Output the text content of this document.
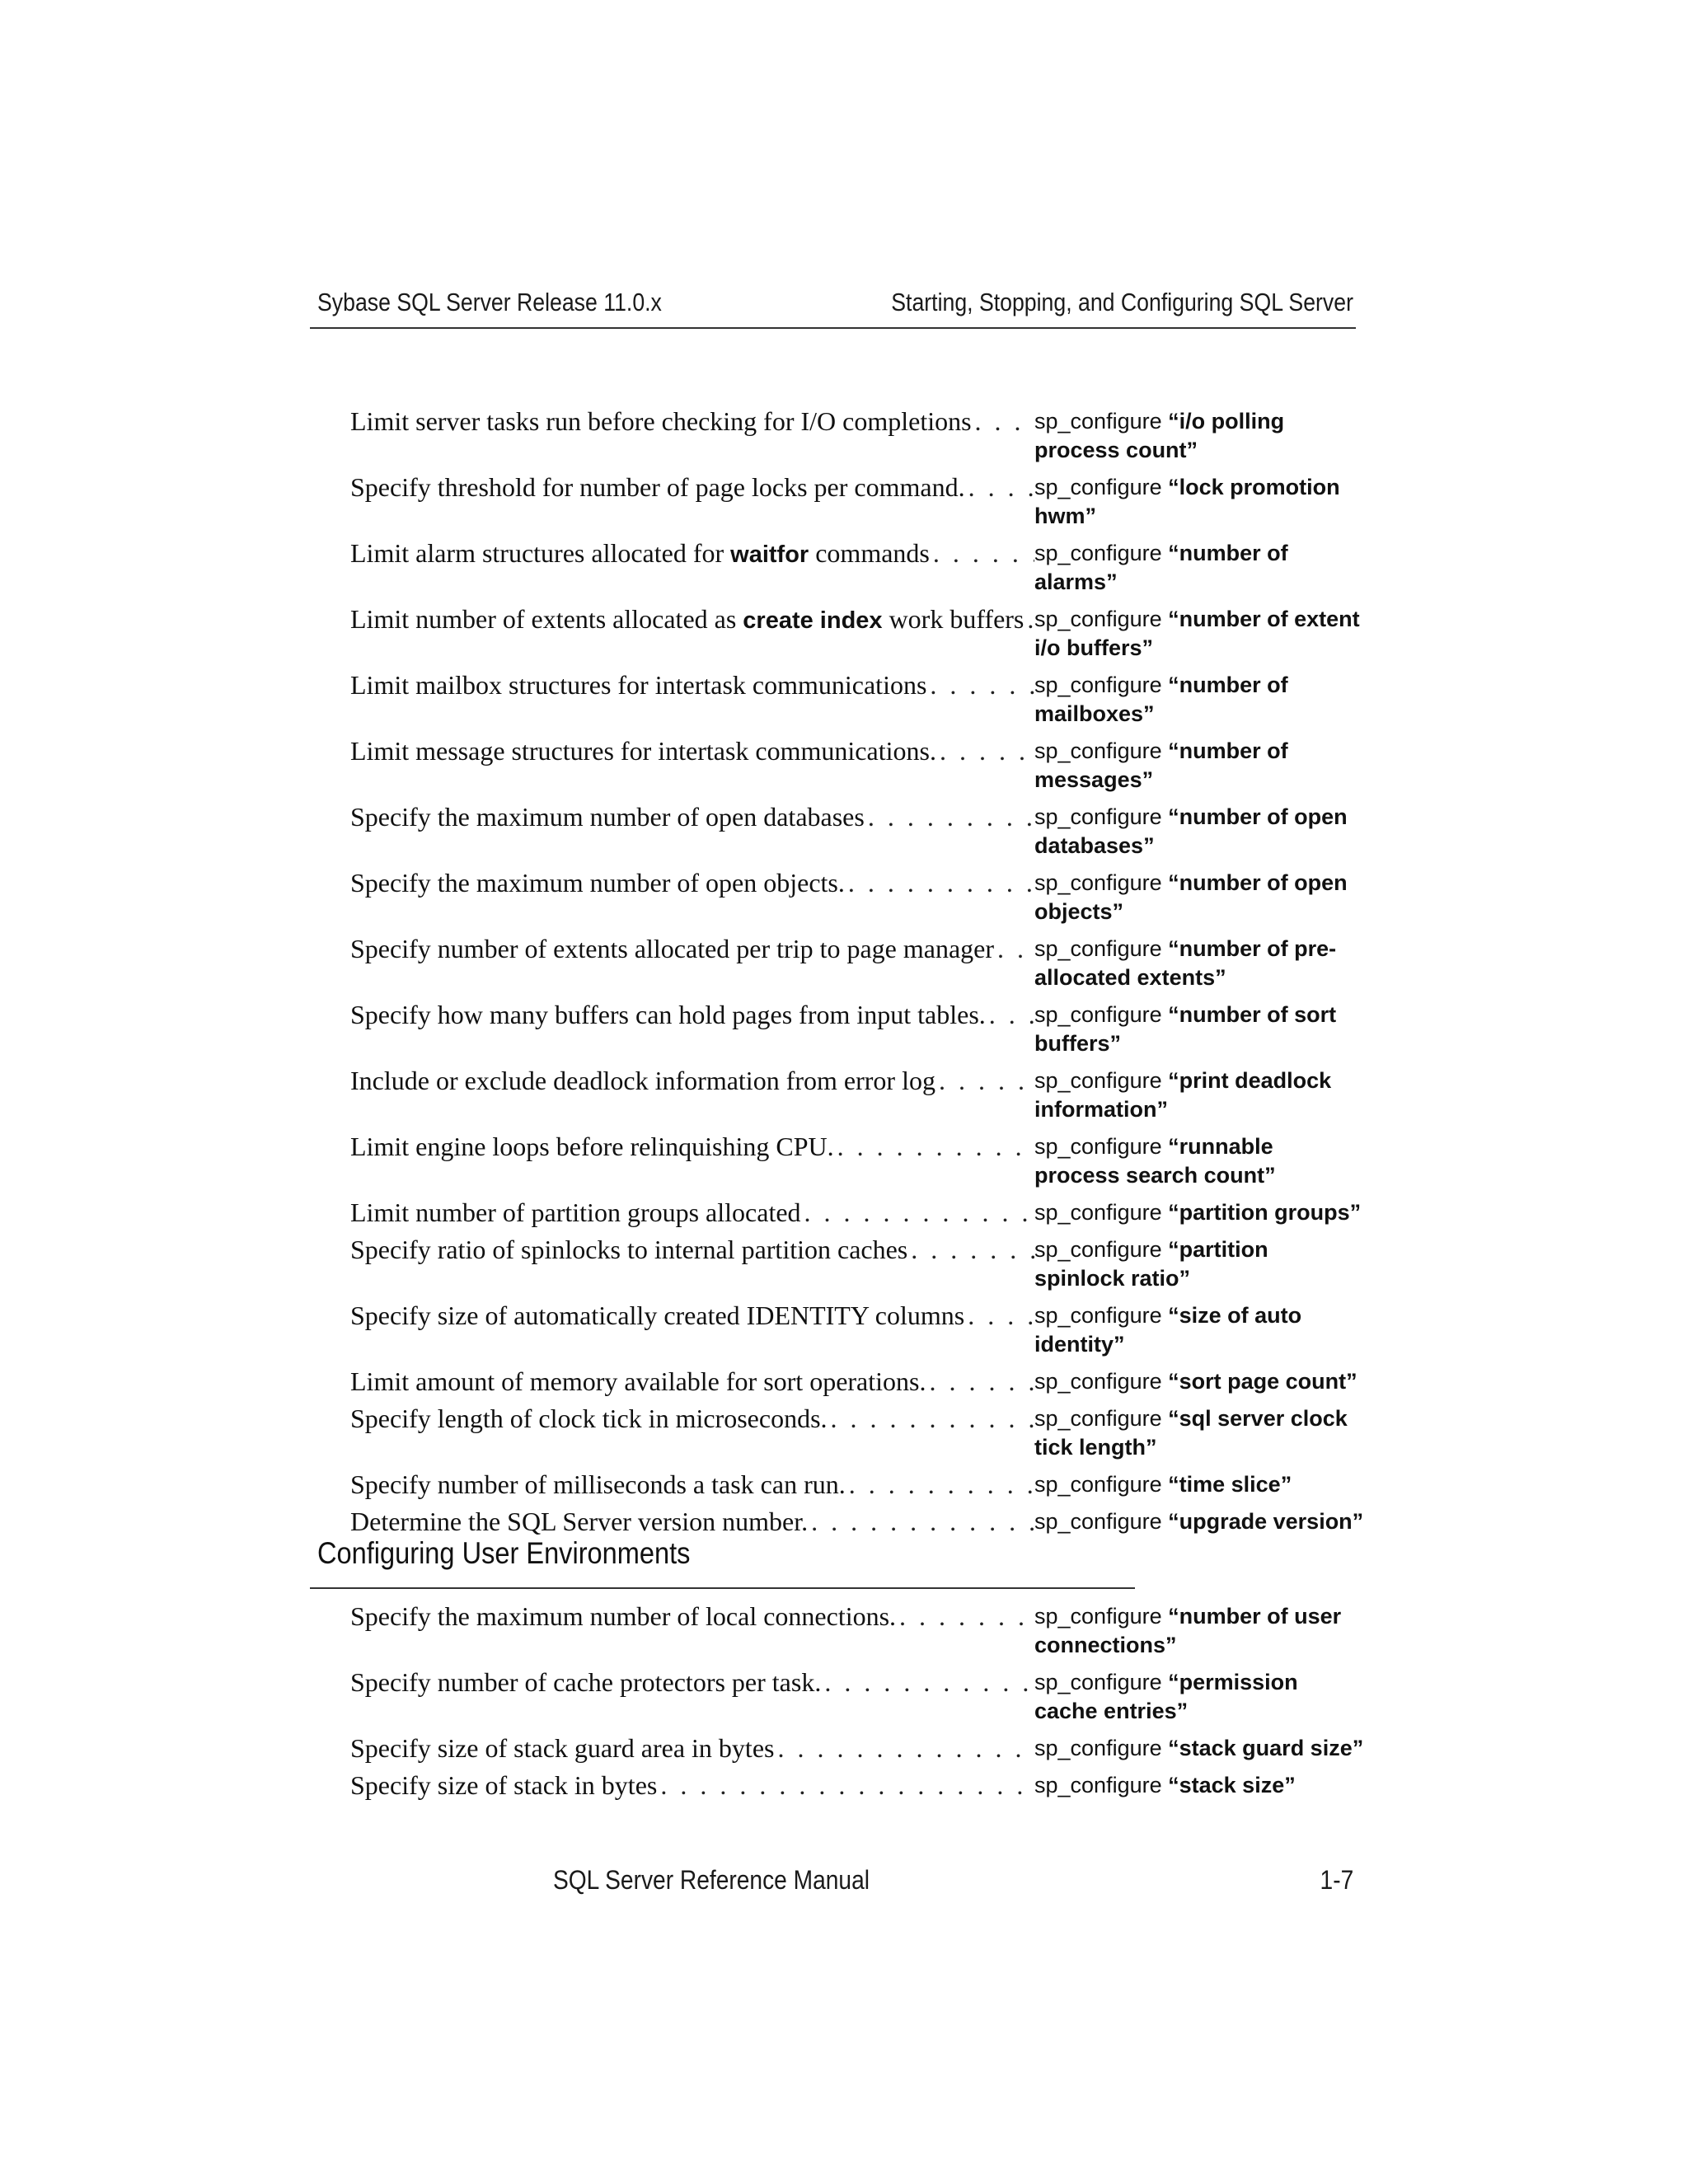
Sybase SQL Server Release 11.0.x	Starting, Stopping, and Configuring SQL Server
Limit server tasks run before checking for I/O completions . . .	sp_configure “i/o polling process count”
Specify threshold for number of page locks per command. . . .	sp_configure “lock promotion hwm”
Limit alarm structures allocated for waitfor commands . . .	sp_configure “number of alarms”
Limit number of extents allocated as create index work buffers . . . sp_configure “number of extent i/o buffers”
Limit mailbox structures for intertask communications . . .	sp_configure “number of mailboxes”
Limit message structures for intertask communications. . . .	sp_configure “number of messages”
Specify the maximum number of open databases . . .	sp_configure “number of open databases”
Specify the maximum number of open objects. . . .	sp_configure “number of open objects”
Specify number of extents allocated per trip to page manager . . . sp_configure “number of pre-allocated extents”
Specify how many buffers can hold pages from input tables. . . . sp_configure “number of sort buffers”
Include or exclude deadlock information from error log . . .	sp_configure “print deadlock information”
Limit engine loops before relinquishing CPU. . . .	sp_configure “runnable process search count”
Limit number of partition groups allocated . . .	sp_configure “partition groups”
Specify ratio of spinlocks to internal partition caches . . .	sp_configure “partition spinlock ratio”
Specify size of automatically created IDENTITY columns . . .	sp_configure “size of auto identity”
Limit amount of memory available for sort operations. . . .	sp_configure “sort page count”
Specify length of clock tick in microseconds. . . .	sp_configure “sql server clock tick length”
Specify number of milliseconds a task can run. . . .	sp_configure “time slice”
Determine the SQL Server version number. . . .	sp_configure “upgrade version”
Configuring User Environments
Specify the maximum number of local connections. . . .	sp_configure “number of user connections”
Specify number of cache protectors per task. . . .	sp_configure “permission cache entries”
Specify size of stack guard area in bytes . . .	sp_configure “stack guard size”
Specify size of stack in bytes . . .	sp_configure “stack size”
SQL Server Reference Manual	1-7
